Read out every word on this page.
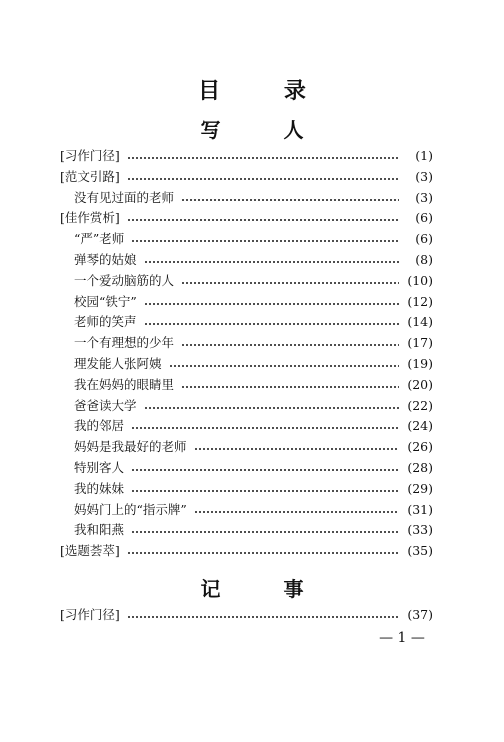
目 录
写 人
[习作门径]	(1)
[范文引路]	(3)
没有见过面的老师	(3)
[佳作赏析]	(6)
“严”老师	(6)
弹琴的姑娘	(8)
一个爱动脑筋的人	(10)
校园“铁宁”	(12)
老师的笑声	(14)
一个有理想的少年	(17)
理发能人张阿姨	(19)
我在妈妈的眼睛里	(20)
爸爸读大学	(22)
我的邻居	(24)
妈妈是我最好的老师	(26)
特别客人	(28)
我的妹妹	(29)
妈妈门上的“指示牌”	(31)
我和阳燕	(33)
[选题荟萃]	(35)
记 事
[习作门径]	(37)
— 1 —
